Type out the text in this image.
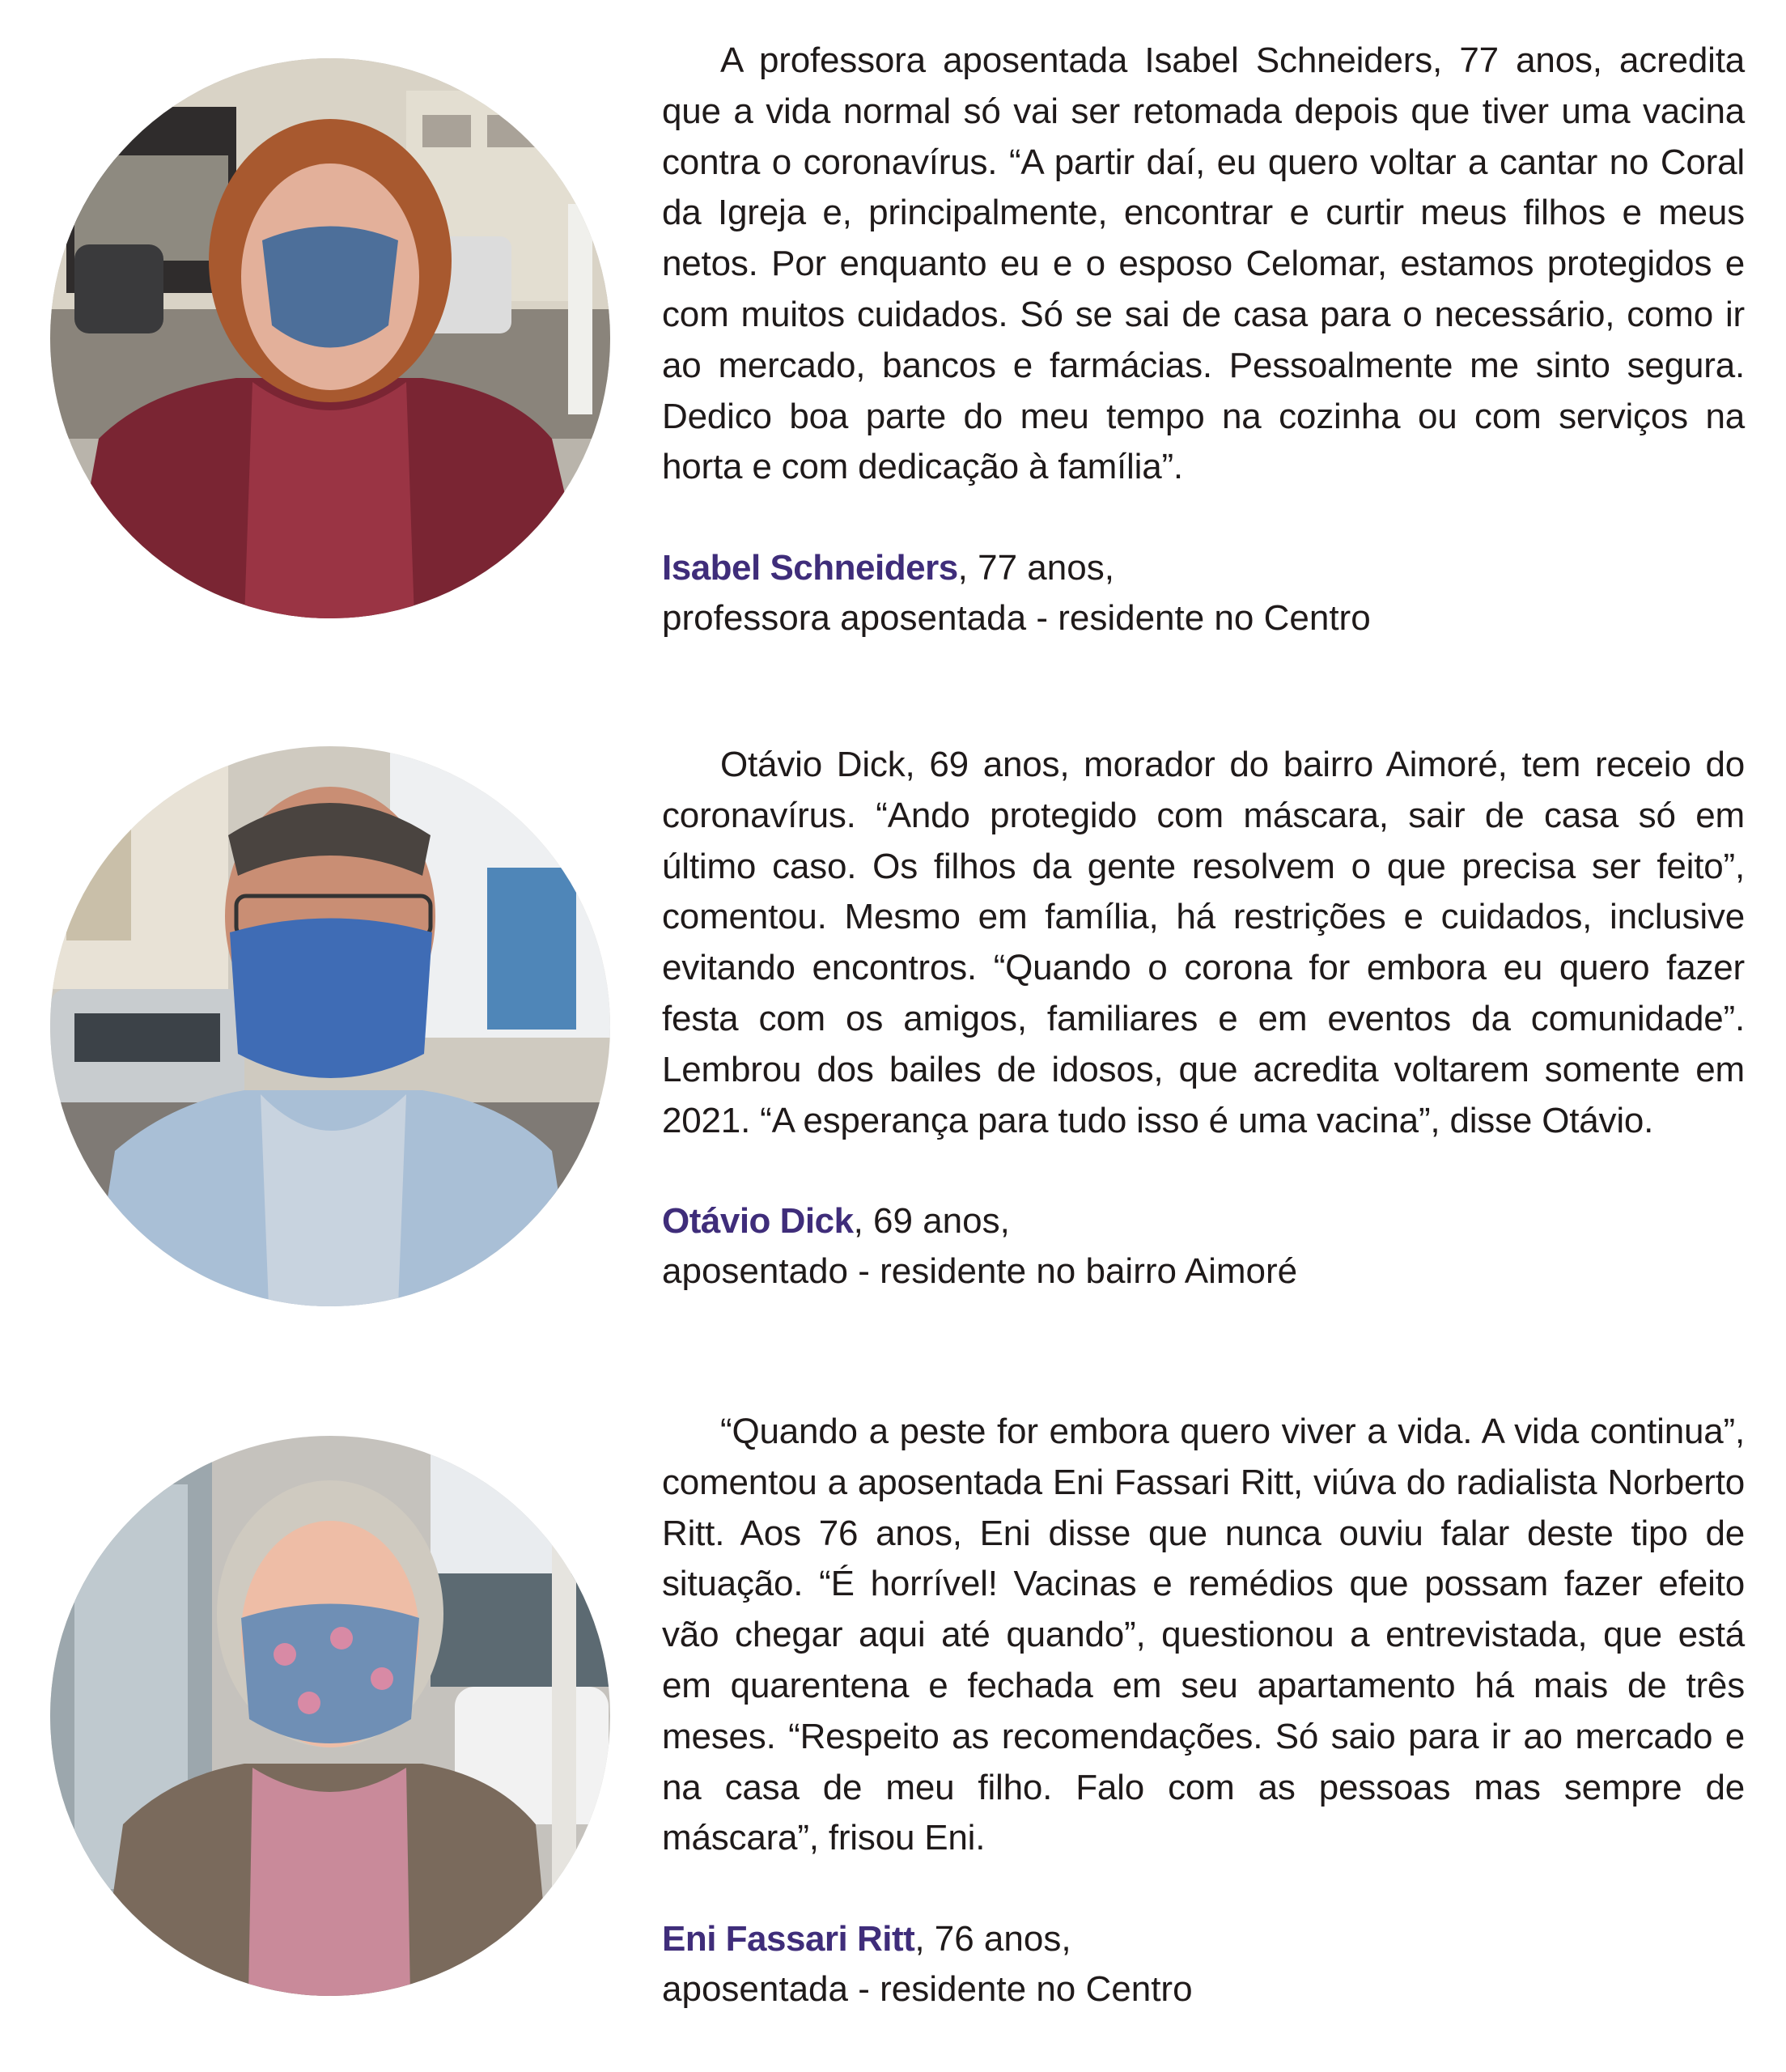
A professora aposentada Isabel Schneiders, 77 anos, acredita que a vida normal só vai ser retomada depois que tiver uma vacina contra o coronavírus. “A partir daí, eu quero voltar a cantar no Coral da Igreja e, principalmente, encontrar e curtir meus filhos e meus netos. Por enquanto eu e o esposo Celomar, estamos protegidos e com muitos cuidados. Só se sai de casa para o necessário, como ir ao mercado, bancos e farmácias. Pessoalmente me sinto segura. Dedico boa parte do meu tempo na cozinha ou com serviços na horta e com dedicação à família”.

Isabel Schneiders, 77 anos,
professora aposentada - residente no Centro

Otávio Dick, 69 anos, morador do bairro Aimoré, tem receio do coronavírus. “Ando protegido com máscara, sair de casa só em último caso. Os filhos da gente resolvem o que precisa ser feito”, comentou. Mesmo em família, há restrições e cuidados, inclusive evitando encontros. “Quando o corona for embora eu quero fazer festa com os amigos, familiares e em eventos da comunidade”. Lembrou dos bailes de idosos, que acredita voltarem somente em 2021. “A esperança para tudo isso é uma vacina”, disse Otávio.

Otávio Dick, 69 anos,
aposentado - residente no bairro Aimoré

“Quando a peste for embora quero viver a vida. A vida continua”, comentou a aposentada Eni Fassari Ritt, viúva do radialista Norberto Ritt. Aos 76 anos, Eni disse que nunca ouviu falar deste tipo de situação. “É horrível! Vacinas e remédios que possam fazer efeito vão chegar aqui até quando”, questionou a entrevistada, que está em quarentena e fechada em seu apartamento há mais de três meses. “Respeito as recomendações. Só saio para ir ao mercado e na casa de meu filho. Falo com as pessoas mas sempre de máscara”, frisou Eni.

Eni Fassari Ritt, 76 anos,
aposentada - residente no Centro
